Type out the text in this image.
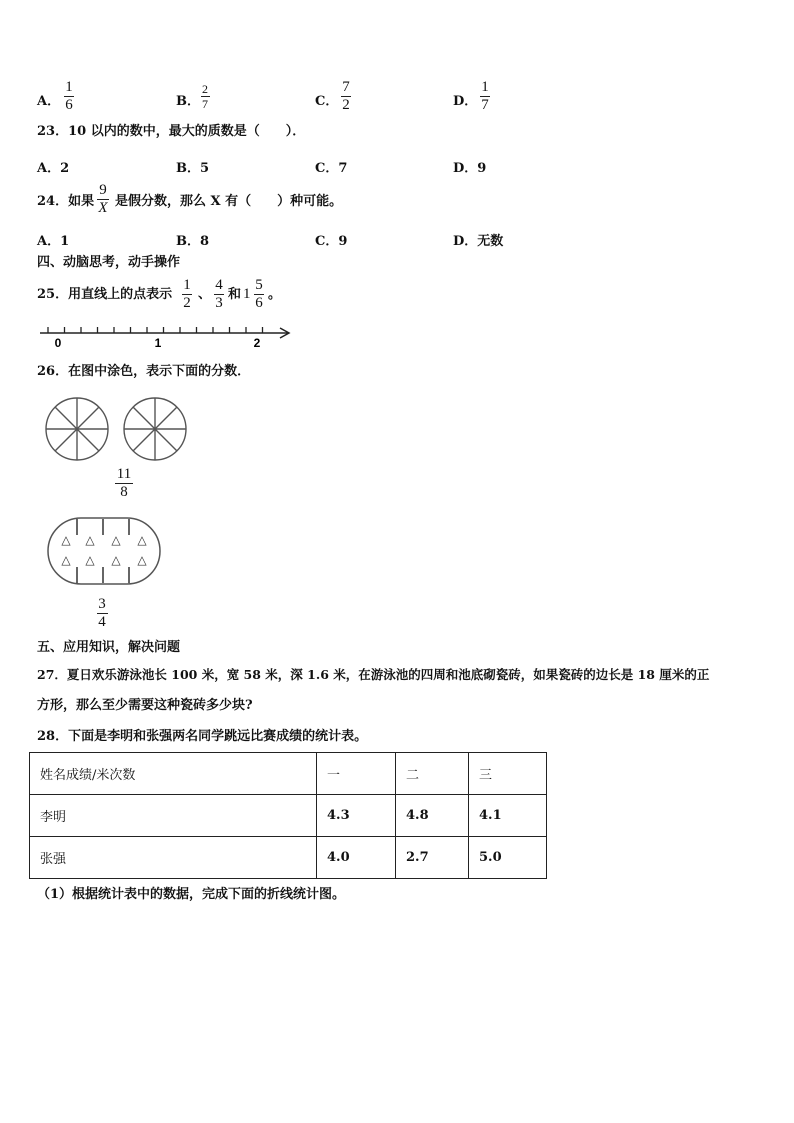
A．
1
6	B．
2
7	C．
7
2	D．
1
7
23．10 以内的数中，最大的质数是（　　）．
A．2	B．5	C．7	D．9
24．如果
9
X 是假分数，那么 X 有（　　）种可能。
A．1	B．8	C．9	D．无数
四、动脑思考，动手操作
25．用直线上的点表示
1
2
、
4
3
和 1
5
6
。
0	1	2
26．在图中涂色，表示下面的分数．
11
8
△
△
△
△
△
△
△
△
3
4
五、应用知识，解决问题
27．夏日欢乐游泳池长 100 米，宽 58 米，深 1.6 米，在游泳池的四周和池底砌瓷砖，如果瓷砖的边长是 18 厘米的正
方形，那么至少需要这种瓷砖多少块?
28．下面是李明和张强两名同学跳远比赛成绩的统计表。
姓名成绩/米次数	一	二	三
李明	4.3	4.8	4.1
张强	4.0	2.7	5.0
（1）根据统计表中的数据，完成下面的折线统计图。
